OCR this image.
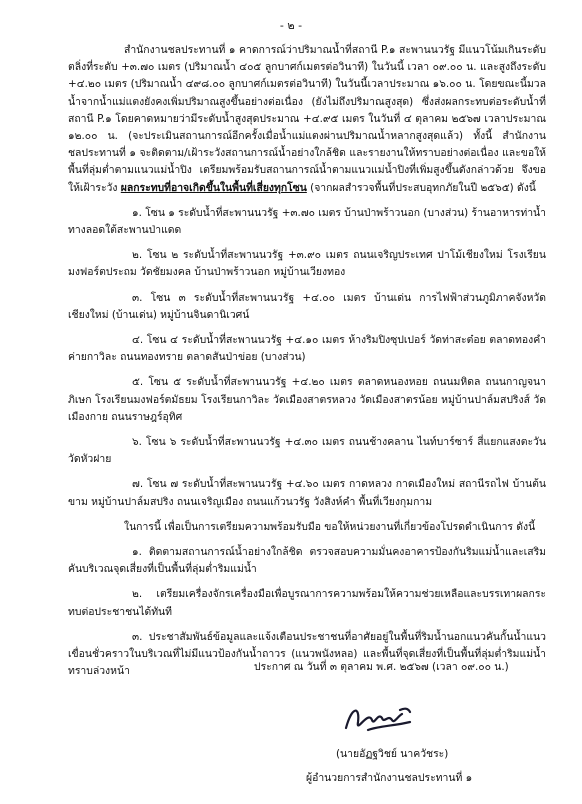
- ๒ -

สำนักงานชลประทานที่ ๑ คาดการณ์ว่าปริมาณน้ำที่สถานี P.๑ สะพานนวรัฐ มีแนวโน้มเกินระดับตลิ่งที่ระดับ +๓.๗๐ เมตร (ปริมาณน้ำ ๔๐๕ ลูกบาศก์เมตรต่อวินาที) ในวันนี้ เวลา ๐๙.๐๐ น. และสูงถึงระดับ +๔.๒๐ เมตร (ปริมาณน้ำ ๔๙๘.๐๐ ลูกบาศก์เมตรต่อวินาที) ในวันนี้เวลาประมาณ ๑๖.๐๐ น. โดยขณะนี้มวลน้ำจากน้ำแม่แตงยังคงเพิ่มปริมาณสูงขึ้นอย่างต่อเนื่อง (ยังไม่ถึงปริมาณสูงสุด) ซึ่งส่งผลกระทบต่อระดับน้ำที่สถานี P.๑ โดยคาดหมายว่ามีระดับน้ำสูงสุดประมาณ +๔.๙๕ เมตร ในวันที่ ๔ ตุลาคม ๒๕๖๗ เวลาประมาณ ๑๒.๐๐ น. (จะประเมินสถานการณ์อีกครั้งเมื่อน้ำแม่แตงผ่านปริมาณน้ำหลากสูงสุดแล้ว) ทั้งนี้ สำนักงานชลประทานที่ ๑ จะติดตาม/เฝ้าระวังสถานการณ์น้ำอย่างใกล้ชิด และรายงานให้ทราบอย่างต่อเนื่อง และขอให้พื้นที่ลุ่มต่ำตามแนวแม่น้ำปิง เตรียมพร้อมรับสถานการณ์น้ำตามแนวแม่น้ำปิงที่เพิ่มสูงขึ้นดังกล่าวด้วย จึงขอให้เฝ้าระวัง ผลกระทบที่อาจเกิดขึ้นในพื้นที่เสี่ยงทุกโซน (จากผลสำรวจพื้นที่ประสบอุทกภัยในปี ๒๕๖๕) ดังนี้

๑. โซน ๑ ระดับน้ำที่สะพานนวรัฐ +๓.๗๐ เมตร บ้านป่าพร้าวนอก (บางส่วน) ร้านอาหารท่าน้ำ ทางลอดใต้สะพานป่าแดด

๒. โซน ๒ ระดับน้ำที่สะพานนวรัฐ +๓.๙๐ เมตร ถนนเจริญประเทศ ปาโม้เชียงใหม่ โรงเรียนมงฟอร์ตประถม วัดชัยมงคล บ้านป่าพร้าวนอก หมู่บ้านเวียงทอง

๓. โซน ๓ ระดับน้ำที่สะพานนวรัฐ +๔.๐๐ เมตร บ้านเด่น การไฟฟ้าส่วนภูมิภาคจังหวัดเชียงใหม่ (บ้านเด่น) หมู่บ้านจินดานิเวศน์

๔. โซน ๔ ระดับน้ำที่สะพานนวรัฐ +๔.๑๐ เมตร ห้างริมปิงซุปเปอร์ วัดท่าสะต๋อย ตลาดทองคำ ค่ายกาวิละ ถนนทองทราย ตลาดสันป่าข่อย (บางส่วน)

๕. โซน ๕ ระดับน้ำที่สะพานนวรัฐ +๔.๒๐ เมตร ตลาดหนองหอย ถนนมหิดล ถนนกาญจนาภิเษก โรงเรียนมงฟอร์ตมัธยม โรงเรียนกาวิละ วัดเมืองสาตรหลวง วัดเมืองสาตรน้อย หมู่บ้านปาล์มสปริงส์ วัดเมืองกาย ถนนราษฎร์อุทิศ

๖. โซน ๖ ระดับน้ำที่สะพานนวรัฐ +๔.๓๐ เมตร ถนนช้างคลาน ไนท์บาร์ซาร์ สี่แยกแสงตะวัน วัดหัวฝาย

๗. โซน ๗ ระดับน้ำที่สะพานนวรัฐ +๔.๖๐ เมตร กาดหลวง กาดเมืองใหม่ สถานีรถไฟ บ้านต้นขาม หมู่บ้านปาล์มสปริง ถนนเจริญเมือง ถนนแก้วนวรัฐ วังสิงห์คำ พื้นที่เวียงกุมกาม

ในการนี้ เพื่อเป็นการเตรียมความพร้อมรับมือ ขอให้หน่วยงานที่เกี่ยวข้องโปรดดำเนินการ ดังนี้

๑. ติดตามสถานการณ์น้ำอย่างใกล้ชิด ตรวจสอบความมั่นคงอาคารป้องกันริมแม่น้ำและเสริมคันบริเวณจุดเสี่ยงที่เป็นพื้นที่ลุ่มต่ำริมแม่น้ำ

๒. เตรียมเครื่องจักรเครื่องมือเพื่อบูรณาการความพร้อมให้ความช่วยเหลือและบรรเทาผลกระทบต่อประชาชนได้ทันที

๓. ประชาสัมพันธ์ข้อมูลและแจ้งเตือนประชาชนที่อาศัยอยู่ในพื้นที่ริมน้ำนอกแนวคันกั้นน้ำแนวเขื่อนชั่วคราวในบริเวณที่ไม่มีแนวป้องกันน้ำถาวร (แนวพนังหลอ) และพื้นที่จุดเสี่ยงที่เป็นพื้นที่ลุ่มต่ำริมแม่น้ำทราบล่วงหน้า	ประกาศ ณ วันที่ ๓ ตุลาคม พ.ศ. ๒๕๖๗ (เวลา ๐๙.๐๐ น.)
(นายอัฏฐวิชย์ นาควัชระ)
ผู้อำนวยการสำนักงานชลประทานที่ ๑
